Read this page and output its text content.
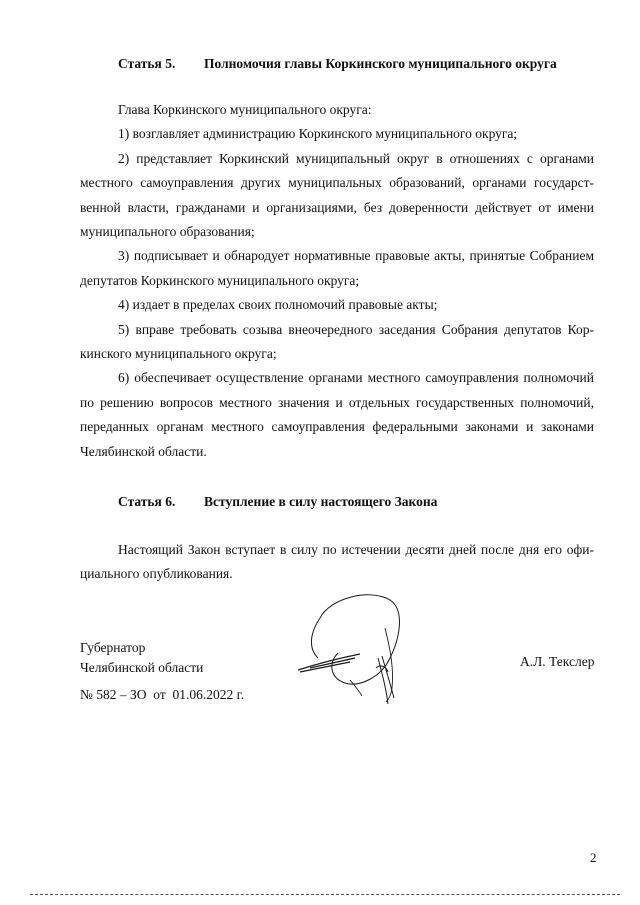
Статья 5. Полномочия главы Коркинского муниципального округа

Глава Коркинского муниципального округа:

1) возглавляет администрацию Коркинского муниципального округа;

2) представляет Коркинский муниципальный округ в отношениях с органами местного самоуправления других муниципальных образований, органами государственной власти, гражданами и организациями, без доверенности действует от имени муниципального образования;

3) подписывает и обнародует нормативные правовые акты, принятые Собранием депутатов Коркинского муниципального округа;

4) издает в пределах своих полномочий правовые акты;

5) вправе требовать созыва внеочередного заседания Собрания депутатов Коркинского муниципального округа;

6) обеспечивает осуществление органами местного самоуправления полномочий по решению вопросов местного значения и отдельных государственных полномочий, переданных органам местного самоуправления федеральными законами и законами Челябинской области.

Статья 6. Вступление в силу настоящего Закона

Настоящий Закон вступает в силу по истечении десяти дней после дня его официального опубликования.

Губернатор
Челябинской области	А.Л. Текслер
№ 582 – ЗО  от  01.06.2022 г.
2
